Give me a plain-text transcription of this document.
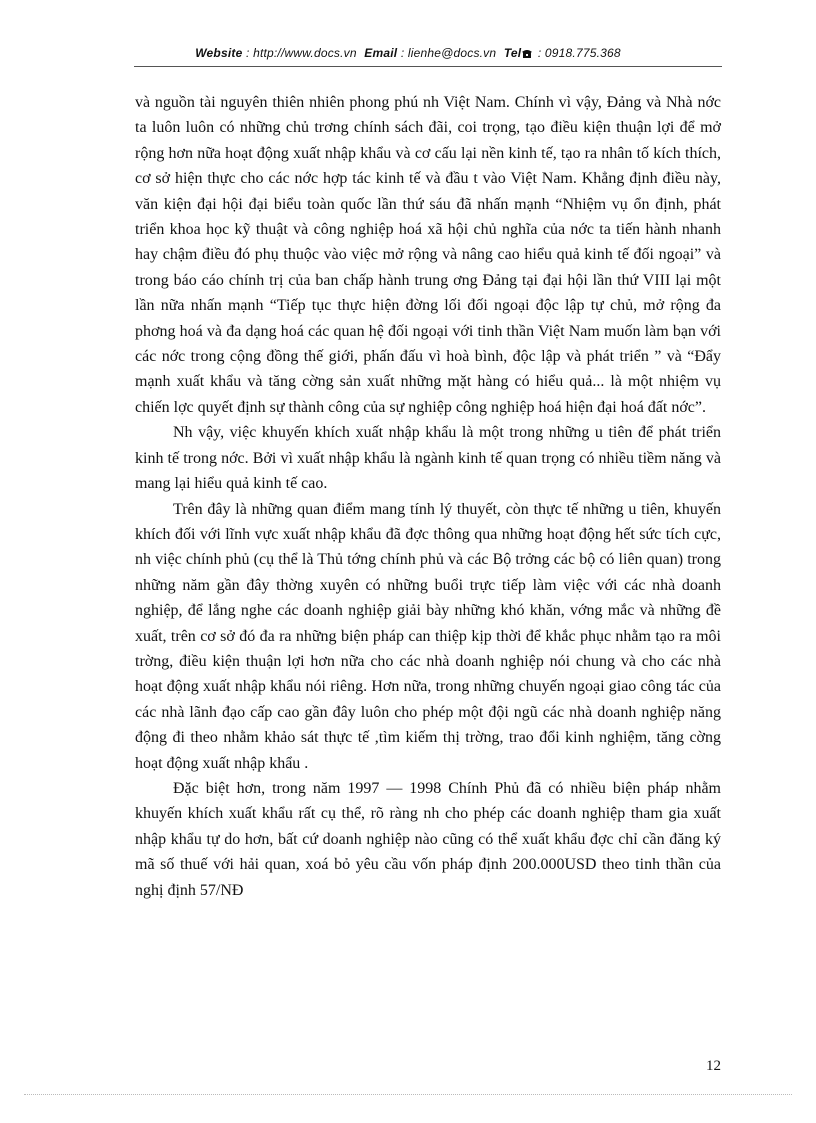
Website : http://www.docs.vn Email : lienhe@docs.vn Tel : 0918.775.368

và nguồn tài nguyên thiên nhiên phong phú nh Việt Nam. Chính vì vậy, Đảng và Nhà nớc ta luôn luôn có những chủ trơng chính sách đãi, coi trọng, tạo điều kiện thuận lợi để mở rộng hơn nữa hoạt động xuất nhập khẩu và cơ cấu lại nền kinh tế, tạo ra nhân tố kích thích, cơ sở hiện thực cho các nớc hợp tác kinh tế và đầu t vào Việt Nam. Khẳng định điều này, văn kiện đại hội đại biểu toàn quốc lần thứ sáu đã nhấn mạnh “Nhiệm vụ ổn định, phát triển khoa học kỹ thuật và công nghiệp hoá xã hội chủ nghĩa của nớc ta tiến hành nhanh hay chậm điều đó phụ thuộc vào việc mở rộng và nâng cao hiểu quả kinh tế đối ngoại” và trong báo cáo chính trị của ban chấp hành trung ơng Đảng tại đại hội lần thứ VIII lại một lần nữa nhấn mạnh “Tiếp tục thực hiện đờng lối đối ngoại độc lập tự chủ, mở rộng đa phơng hoá và đa dạng hoá các quan hệ đối ngoại với tinh thần Việt Nam muốn làm bạn với các nớc trong cộng đồng thế giới, phấn đấu vì hoà bình, độc lập và phát triển ” và “Đẩy mạnh xuất khẩu và tăng cờng sản xuất những mặt hàng có hiểu quả... là một nhiệm vụ chiến lợc quyết định sự thành công của sự nghiệp công nghiệp hoá hiện đại hoá đất nớc”.

Nh vậy, việc khuyến khích xuất nhập khẩu là một trong những u tiên để phát triển kinh tế trong nớc. Bởi vì xuất nhập khẩu là ngành kinh tế quan trọng có nhiều tiềm năng và mang lại hiểu quả kinh tế cao.

Trên đây là những quan điểm mang tính lý thuyết, còn thực tế những u tiên, khuyến khích đối với lĩnh vực xuất nhập khẩu đã đợc thông qua những hoạt động hết sức tích cực, nh việc chính phủ (cụ thể là Thủ tớng chính phủ và các Bộ trởng các bộ có liên quan) trong những năm gần đây thờng xuyên có những buổi trực tiếp làm việc với các nhà doanh nghiệp, để lắng nghe các doanh nghiệp giải bày những khó khăn, vớng mắc và những đề xuất, trên cơ sở đó đa ra những biện pháp can thiệp kịp thời để khắc phục nhằm tạo ra môi trờng, điều kiện thuận lợi hơn nữa cho các nhà doanh nghiệp nói chung và cho các nhà hoạt động xuất nhập khẩu nói riêng. Hơn nữa, trong những chuyến ngoại giao công tác của các nhà lãnh đạo cấp cao gần đây luôn cho phép một đội ngũ các nhà doanh nghiệp năng động đi theo nhằm khảo sát thực tế ,tìm kiếm thị trờng, trao đổi kinh nghiệm, tăng cờng hoạt động xuất nhập khẩu .

Đặc biệt hơn, trong năm 1997 — 1998 Chính Phủ đã có nhiều biện pháp nhằm khuyến khích xuất khẩu rất cụ thể, rõ ràng nh cho phép các doanh nghiệp tham gia xuất nhập khẩu tự do hơn, bất cứ doanh nghiệp nào cũng có thể xuất khẩu đợc chỉ cần đăng ký mã số thuế với hải quan, xoá bỏ yêu cầu vốn pháp định 200.000USD theo tinh thần của nghị định 57/NĐ

12
